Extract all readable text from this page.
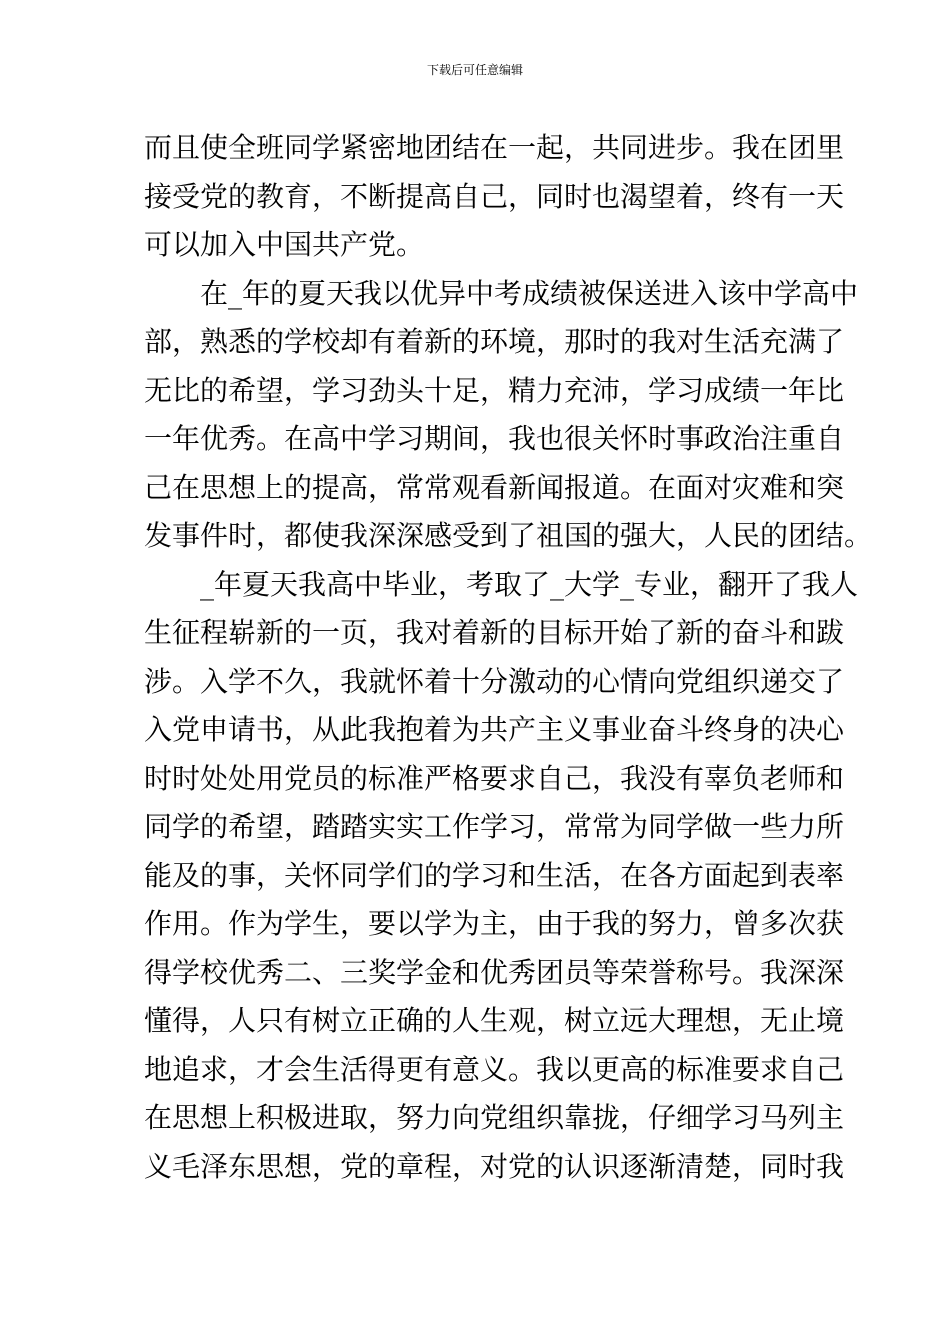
下载后可任意编辑
而且使全班同学紧密地团结在一起，共同进步。我在团里
接受党的教育，不断提高自己，同时也渴望着，终有一天
可以加入中国共产党。
在_年的夏天我以优异中考成绩被保送进入该中学高中
部，熟悉的学校却有着新的环境，那时的我对生活充满了
无比的希望，学习劲头十足，精力充沛，学习成绩一年比
一年优秀。在高中学习期间，我也很关怀时事政治注重自
己在思想上的提高，常常观看新闻报道。在面对灾难和突
发事件时，都使我深深感受到了祖国的强大，人民的团结。
_年夏天我高中毕业，考取了_大学_专业，翻开了我人
生征程崭新的一页，我对着新的目标开始了新的奋斗和跋
涉。入学不久，我就怀着十分激动的心情向党组织递交了
入党申请书，从此我抱着为共产主义事业奋斗终身的决心
时时处处用党员的标准严格要求自己，我没有辜负老师和
同学的希望，踏踏实实工作学习，常常为同学做一些力所
能及的事，关怀同学们的学习和生活，在各方面起到表率
作用。作为学生，要以学为主，由于我的努力，曾多次获
得学校优秀二、三奖学金和优秀团员等荣誉称号。我深深
懂得，人只有树立正确的人生观，树立远大理想，无止境
地追求，才会生活得更有意义。我以更高的标准要求自己
在思想上积极进取，努力向党组织靠拢，仔细学习马列主
义毛泽东思想，党的章程，对党的认识逐渐清楚，同时我
